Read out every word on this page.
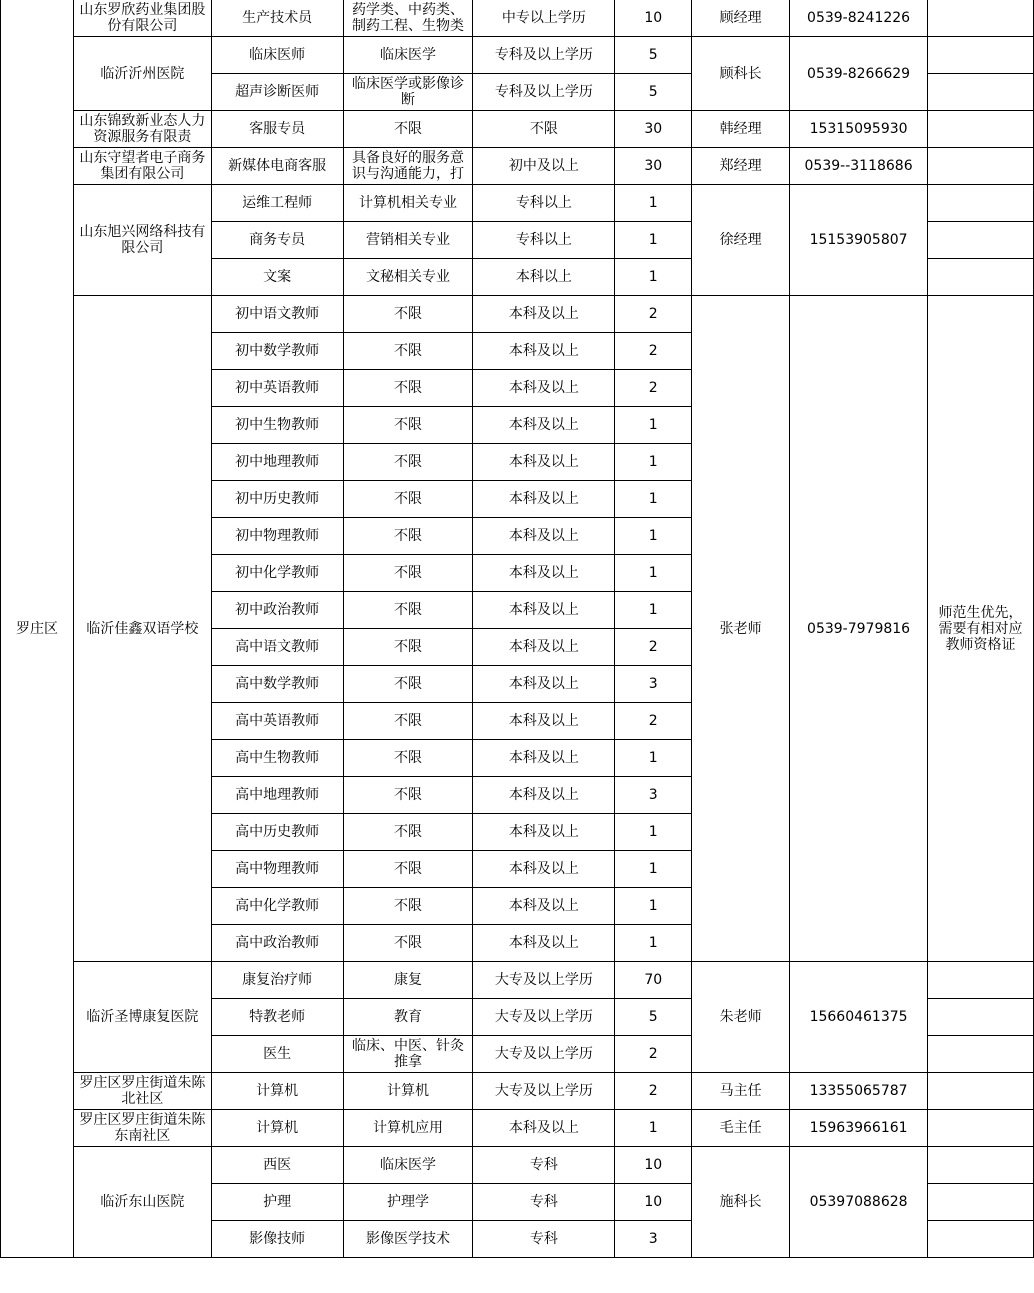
罗庄区	山东罗欣药业集团股份有限公司	生产技术员	药学类、中药类、制药工程、生物类	中专以上学历	10	顾经理	0539-8241226	
	临沂沂州医院	临床医师	临床医学	专科及以上学历	5	顾科长	0539-8266629	
		超声诊断医师	临床医学或影像诊断	专科及以上学历	5			
	山东锦致新业态人力资源服务有限责	客服专员	不限	不限	30	韩经理	15315095930	
	山东守望者电子商务集团有限公司	新媒体电商客服	具备良好的服务意识与沟通能力，打	初中及以上	30	郑经理	0539--3118686	
	山东旭兴网络科技有限公司	运维工程师	计算机相关专业	专科以上	1	徐经理	15153905807	
		商务专员	营销相关专业	专科以上	1			
		文案	文秘相关专业	本科以上	1			
	临沂佳鑫双语学校	初中语文教师	不限	本科及以上	2	张老师	0539-7979816	师范生优先，需要有相对应教师资格证
		初中数学教师	不限	本科及以上	2			
		初中英语教师	不限	本科及以上	2			
		初中生物教师	不限	本科及以上	1			
		初中地理教师	不限	本科及以上	1			
		初中历史教师	不限	本科及以上	1			
		初中物理教师	不限	本科及以上	1			
		初中化学教师	不限	本科及以上	1			
		初中政治教师	不限	本科及以上	1			
		高中语文教师	不限	本科及以上	2			
		高中数学教师	不限	本科及以上	3			
		高中英语教师	不限	本科及以上	2			
		高中生物教师	不限	本科及以上	1			
		高中地理教师	不限	本科及以上	3			
		高中历史教师	不限	本科及以上	1			
		高中物理教师	不限	本科及以上	1			
		高中化学教师	不限	本科及以上	1			
		高中政治教师	不限	本科及以上	1			
	临沂圣博康复医院	康复治疗师	康复	大专及以上学历	70	朱老师	15660461375	
		特教老师	教育	大专及以上学历	5			
		医生	临床、中医、针灸推拿	大专及以上学历	2			
	罗庄区罗庄街道朱陈北社区	计算机	计算机	大专及以上学历	2	马主任	13355065787	
	罗庄区罗庄街道朱陈东南社区	计算机	计算机应用	本科及以上	1	毛主任	15963966161	
	临沂东山医院	西医	临床医学	专科	10	施科长	05397088628	
		护理	护理学	专科	10			
		影像技师	影像医学技术	专科	3			
